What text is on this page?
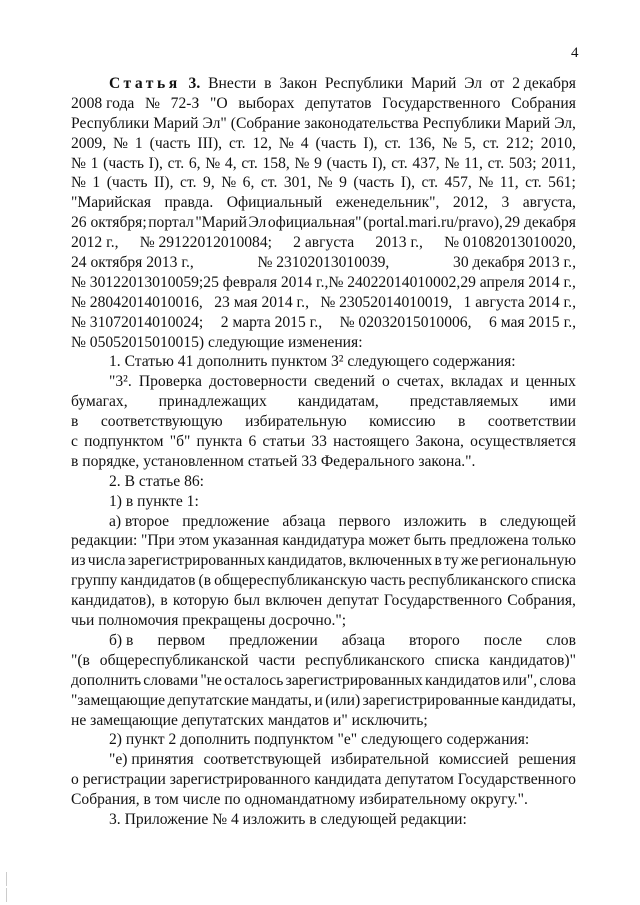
4
Статья 3. Внести в Закон Республики Марий Эл от 2 декабря
2008 года № 72-З "О выборах депутатов Государственного Собрания
Республики Марий Эл" (Собрание законодательства Республики Марий Эл,
2009, № 1 (часть III), ст. 12, № 4 (часть I), ст. 136, № 5, ст. 212; 2010,
№ 1 (часть I), ст. 6, № 4, ст. 158, № 9 (часть I), ст. 437, № 11, ст. 503; 2011,
№ 1 (часть II), ст. 9, № 6, ст. 301, № 9 (часть I), ст. 457, № 11, ст. 561;
"Марийская правда. Официальный еженедельник", 2012, 3 августа,
26 октября; портал "Марий Эл официальная" (portal.mari.ru/pravo), 29 декабря
2012 г., № 29122012010084; 2 августа 2013 г., № 01082013010020,
24 октября 2013 г.,	№ 23102013010039,	30 декабря 2013 г.,
№ 30122013010059; 25 февраля 2014 г., № 24022014010002, 29 апреля 2014 г.,
№ 28042014010016, 23 мая 2014 г., № 23052014010019, 1 августа 2014 г.,
№ 31072014010024; 2 марта 2015 г., № 02032015010006, 6 мая 2015 г.,
№ 05052015010015) следующие изменения:
1. Статью 41 дополнить пунктом 3² следующего содержания:
"3². Проверка достоверности сведений о счетах, вкладах и ценных
бумагах, принадлежащих кандидатам, представляемых ими
в соответствующую избирательную комиссию в соответствии
с подпунктом "б" пункта 6 статьи 33 настоящего Закона, осуществляется
в порядке, установленном статьей 33 Федерального закона.".
2. В статье 86:
1) в пункте 1:
а) второе предложение абзаца первого изложить в следующей
редакции: "При этом указанная кандидатура может быть предложена только
из числа зарегистрированных кандидатов, включенных в ту же региональную
группу кандидатов (в общереспубликанскую часть республиканского списка
кандидатов), в которую был включен депутат Государственного Собрания,
чьи полномочия прекращены досрочно.";
б) в первом предложении абзаца второго после слов
"(в общереспубликанской части республиканского списка кандидатов)"
дополнить словами "не осталось зарегистрированных кандидатов или", слова
"замещающие депутатские мандаты, и (или) зарегистрированные кандидаты,
не замещающие депутатских мандатов и" исключить;
2) пункт 2 дополнить подпунктом "е" следующего содержания:
"е) принятия соответствующей избирательной комиссией решения
о регистрации зарегистрированного кандидата депутатом Государственного
Собрания, в том числе по одномандатному избирательному округу.".
3. Приложение № 4 изложить в следующей редакции:
